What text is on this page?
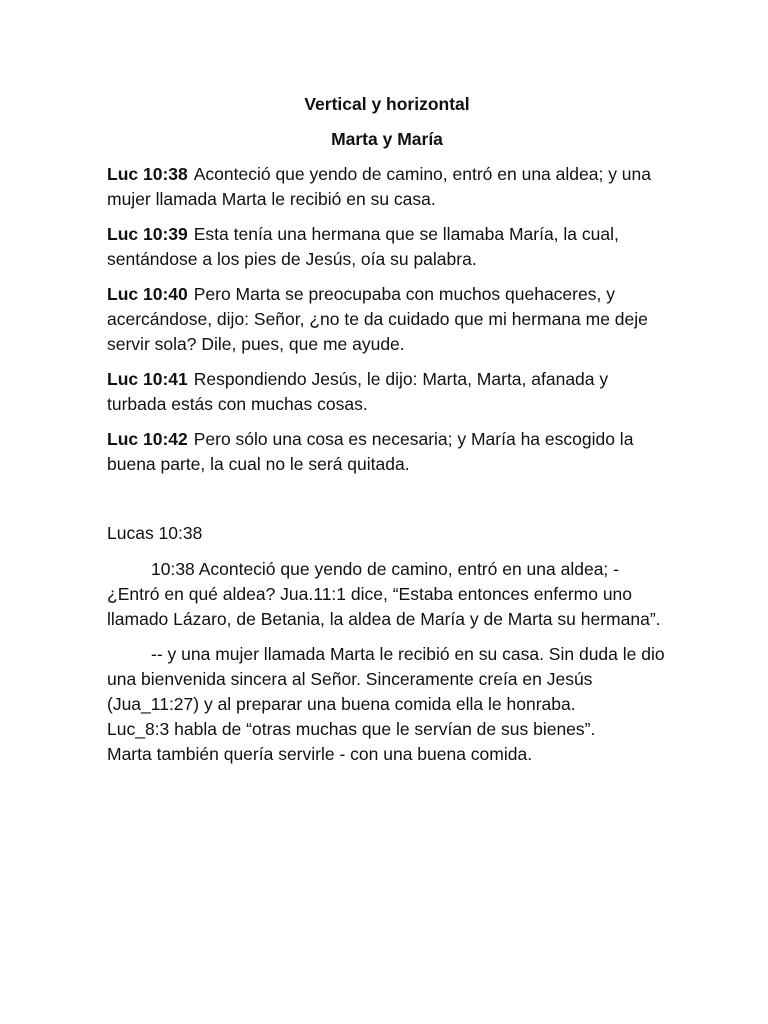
Vertical y horizontal
Marta y María

Luc 10:38 Aconteció que yendo de camino, entró en una aldea; y una mujer llamada Marta le recibió en su casa.

Luc 10:39 Esta tenía una hermana que se llamaba María, la cual, sentándose a los pies de Jesús, oía su palabra.

Luc 10:40 Pero Marta se preocupaba con muchos quehaceres, y acercándose, dijo: Señor, ¿no te da cuidado que mi hermana me deje servir sola? Dile, pues, que me ayude.

Luc 10:41 Respondiendo Jesús, le dijo: Marta, Marta, afanada y turbada estás con muchas cosas.

Luc 10:42 Pero sólo una cosa es necesaria; y María ha escogido la buena parte, la cual no le será quitada.

Lucas 10:38

10:38 Aconteció que yendo de camino, entró en una aldea; -¿Entró en qué aldea? Jua.11:1 dice, “Estaba entonces enfermo uno llamado Lázaro, de Betania, la aldea de María y de Marta su hermana”.

-- y una mujer llamada Marta le recibió en su casa. Sin duda le dio una bienvenida sincera al Señor. Sinceramente creía en Jesús (Jua_11:27) y al preparar una buena comida ella le honraba.

Luc_8:3 habla de “otras muchas que le servían de sus bienes”.

Marta también quería servirle - con una buena comida.
